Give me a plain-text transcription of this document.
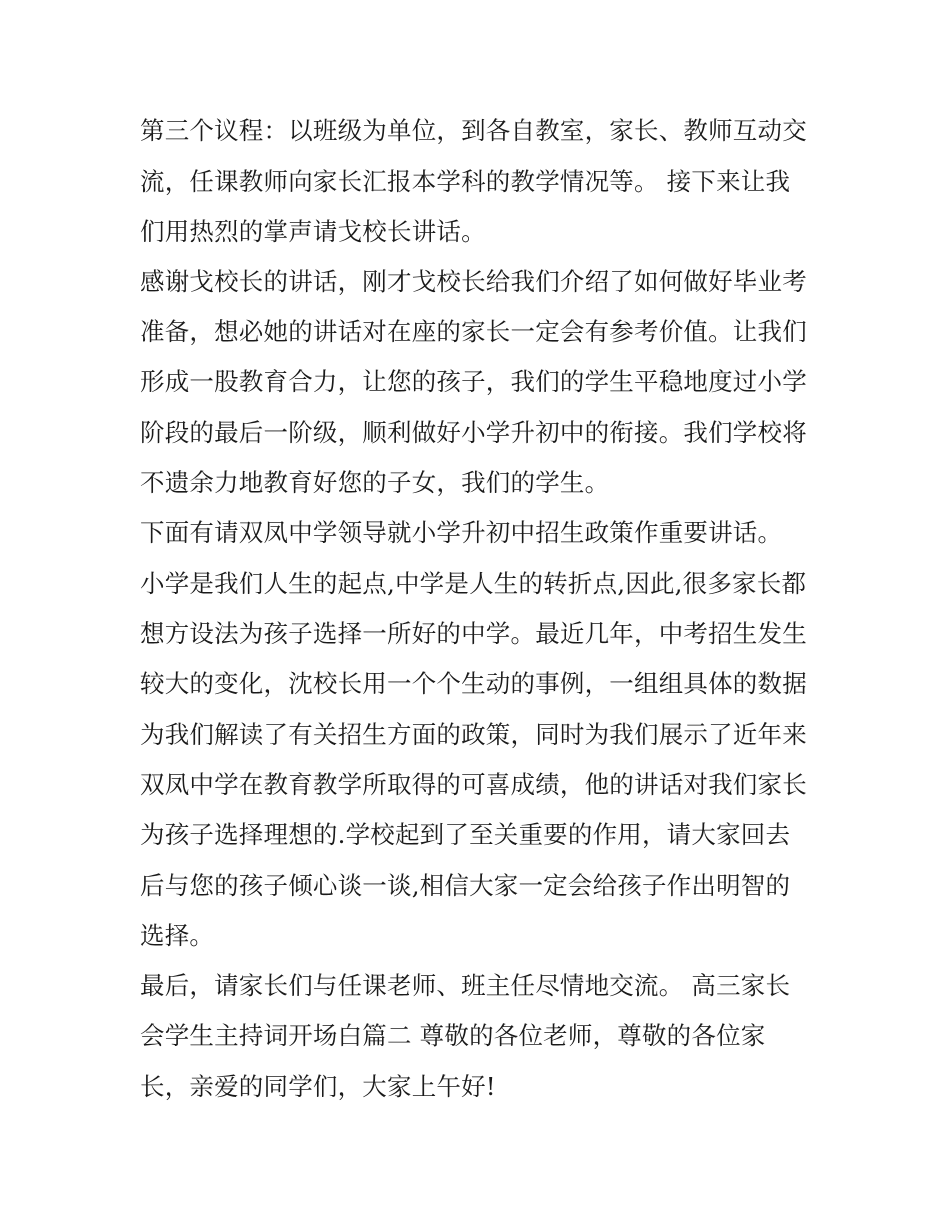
第三个议程：以班级为单位，到各自教室，家长、教师互动交
流，任课教师向家长汇报本学科的教学情况等。 接下来让我
们用热烈的掌声请戈校长讲话。
感谢戈校长的讲话，刚才戈校长给我们介绍了如何做好毕业考
准备，想必她的讲话对在座的家长一定会有参考价值。让我们
形成一股教育合力，让您的孩子，我们的学生平稳地度过小学
阶段的最后一阶级，顺利做好小学升初中的衔接。我们学校将
不遗余力地教育好您的子女，我们的学生。
下面有请双凤中学领导就小学升初中招生政策作重要讲话。
小学是我们人生的起点,中学是人生的转折点,因此,很多家长都
想方设法为孩子选择一所好的中学。最近几年，中考招生发生
较大的变化，沈校长用一个个生动的事例，一组组具体的数据
为我们解读了有关招生方面的政策，同时为我们展示了近年来
双凤中学在教育教学所取得的可喜成绩，他的讲话对我们家长
为孩子选择理想的.学校起到了至关重要的作用，请大家回去
后与您的孩子倾心谈一谈,相信大家一定会给孩子作出明智的
选择。
最后，请家长们与任课老师、班主任尽情地交流。 高三家长
会学生主持词开场白篇二 尊敬的各位老师，尊敬的各位家
长，亲爱的同学们，大家上午好!
